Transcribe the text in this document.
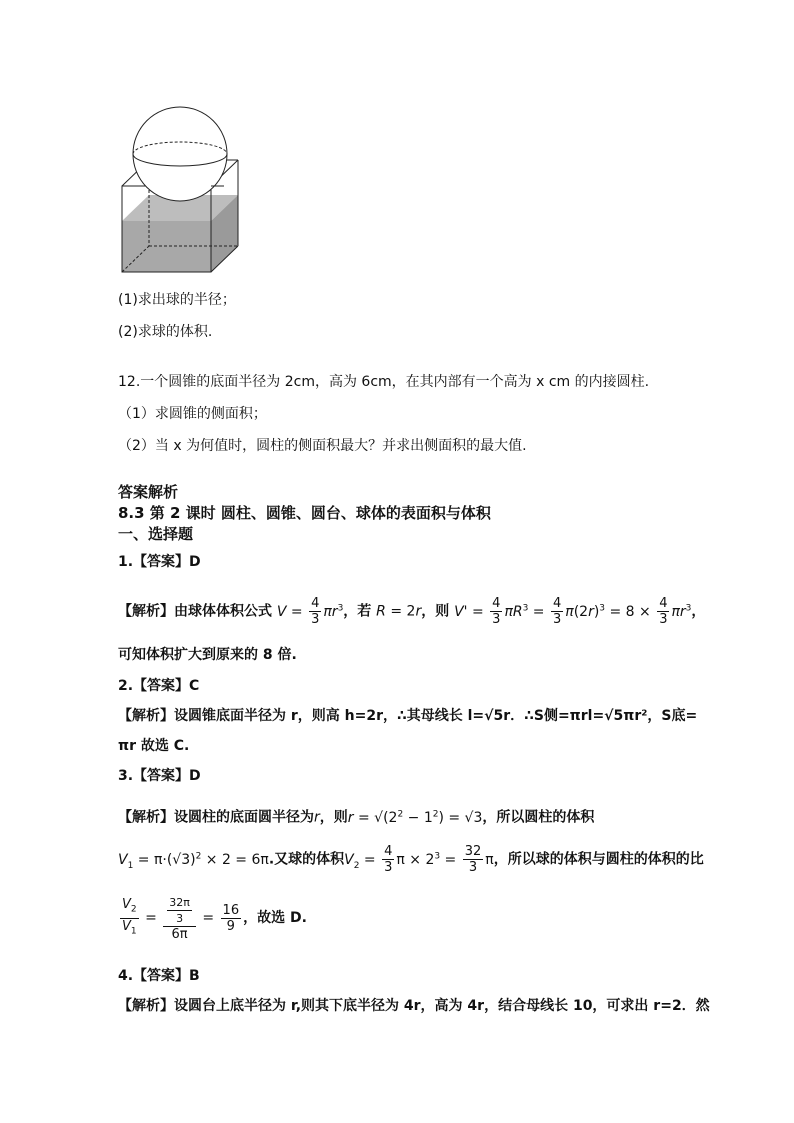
(1)求出球的半径；
(2)求球的体积.
12.一个圆锥的底面半径为 2cm，高为 6cm，在其内部有一个高为 x cm 的内接圆柱.
（1）求圆锥的侧面积；
（2）当 x 为何值时，圆柱的侧面积最大？并求出侧面积的最大值.
答案解析
8.3 第 2 课时 圆柱、圆锥、圆台、球体的表面积与体积
一、选择题
1.【答案】D
【解析】由球体体积公式 $V = \frac{4}{3} \pi r^3$，若 R = 2r，则 $V' = \frac{4}{3} \pi R^3 = \frac{4}{3} \pi(2r)^3 = 8 \times \frac{4}{3} \pi r^3$，
可知体积扩大到原来的 8 倍.
2.【答案】C
【解析】设圆锥底面半径为 r，则高 h=2r，∴其母线长 l=√5r．∴S侧=πrl=√5πr²，S底=
πr 故选 C.
3.【答案】D
【解析】设圆柱的底面圆半径为r，则$r = √(2^2 - 1^2) = √3$，所以圆柱的体积
$V_1 = \pi\cdot(√3)^2 \times 2 = 6\pi$.又球的体积$V_2 = \frac{4}{3}$ $\pi \times 2^3 = \frac{32}{3}$ π，所以球的体积与圆柱的体积的比
$\frac{V_2}{V_1} = \frac{\frac{32\pi}{3}}{6\pi} = \frac{16}{9}$ ，故选 D.
4.【答案】B
【解析】设圆台上底半径为 r,则其下底半径为 4r，高为 4r，结合母线长 10，可求出 r=2．然
